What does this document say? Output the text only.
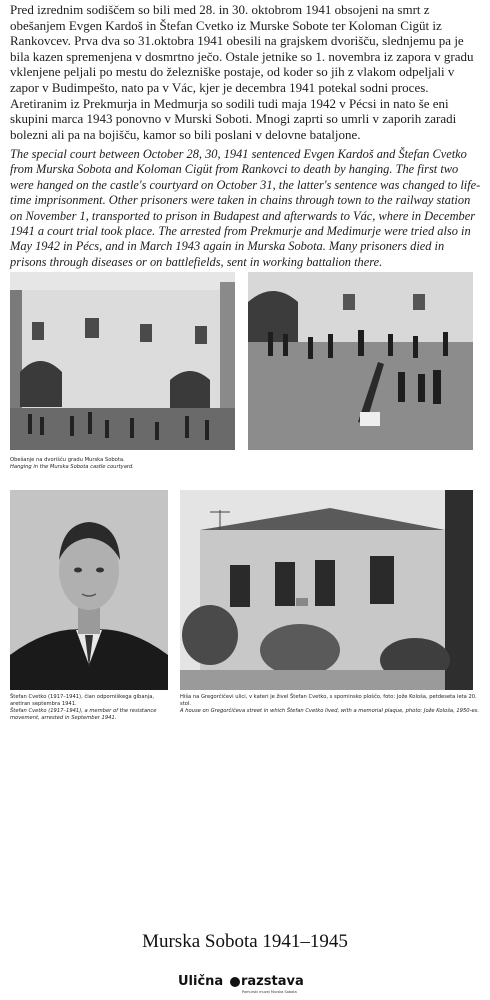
Pred izrednim sodiščem so bili med 28. in 30. oktobrom 1941 obsojeni na smrt z obešanjem Evgen Kardoš in Štefan Cvetko iz Murske Sobote ter Koloman Cigüt iz Rankovcev. Prva dva so 31.oktobra 1941 obesili na grajskem dvorišču, slednjemu pa je bila kazen spremenjena v dosmrtno ječo. Ostale jetnike so 1. novembra iz zapora v gradu vklenjene peljali po mestu do železniške postaje, od koder so jih z vlakom odpeljali v zapor v Budimpešto, nato pa v Vác, kjer je decembra 1941 potekal sodni proces. Aretiranim iz Prekmurja in Medmurja so sodili tudi maja 1942 v Pécsi in nato še eni skupini marca 1943 ponovno v Murski Soboti. Mnogi zaprti so umrli v zaporih zaradi bolezni ali pa na bojišču, kamor so bili poslani v delovne bataljone.

The special court between October 28, 30, 1941 sentenced Evgen Kardoš and Štefan Cvetko from Murska Sobota and Koloman Cigüt from Rankovci to death by hanging. The first two were hanged on the castle's courtyard on October 31, the latter's sentence was changed to life-time imprisonment. Other prisoners were taken in chains through town to the railway station on November 1, transported to prison in Budapest and afterwards to Vác, where in December 1941 a court trial took place. The arrested from Prekmurje and Medimurje were tried also in May 1942 in Pécs, and in March 1943 again in Murska Sobota. Many prisoners died in prisons through diseases or on battlefields, sent in working battalion there.

Obešanje na dvorišču gradu Murska Sobota.
Hanging in the Murska Sobota castle courtyard.
Štefan Cvetko (1917–1941), član odporniškega gibanja, aretiran septembra 1941.
Štefan Cvetko (1917–1941), a member of the resistance movement, arrested in September 1941.
Hiša na Gregorčičevi ulici, v kateri je živel Štefan Cvetko, s spominsko ploščo, foto: Jože Kološa, petdeseta leta 20. stol.
A house on Gregorčičeva street in which Štefan Cvetko lived, with a memorial plaque, photo: Jože Kološa, 1950-es.
Murska Sobota 1941–1945
Ulična razstava
Pomurski muzej Murska Sobota
